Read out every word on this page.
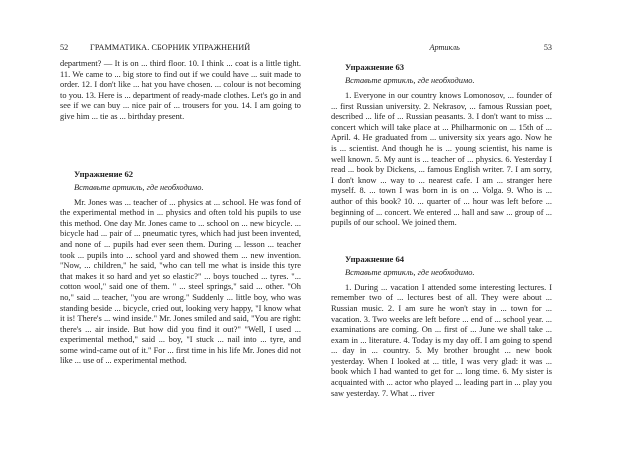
52	ГРАММАТИКА. СБОРНИК УПРАЖНЕНИЙ

department? — It is on ... third floor. 10. I think ... coat is a little tight. 11. We came to ... big store to find out if we could have ... suit made to order. 12. I don't like ... hat you have chosen. ... colour is not becoming to you. 13. Here is ... department of ready-made clothes. Let's go in and see if we can buy ... nice pair of ... trousers for you. 14. I am going to give him ... tie as ... birthday present.

Упражнение 62
Вставьте артикль, где необходимо.

Mr. Jones was ... teacher of ... physics at ... school. He was fond of the experimental method in ... physics and often told his pupils to use this method. One day Mr. Jones came to ... school on ... new bicycle. ... bicycle had ... pair of ... pneumatic tyres, which had just been invented, and none of ... pupils had ever seen them. During ... lesson ... teacher took ... pupils into ... school yard and showed them ... new invention. "Now, ... children," he said, "who can tell me what is inside this tyre that makes it so hard and yet so elastic?" ... boys touched ... tyres. "... cotton wool," said one of them. " ... steel springs," said ... other. "Oh no," said ... teacher, "you are wrong." Suddenly ... little boy, who was standing beside ... bicycle, cried out, looking very happy, "I know what it is! There's ... wind inside." Mr. Jones smiled and said, "You are right: there's ... air inside. But how did you find it out?" "Well, I used ... experimental method," said ... boy, "I stuck ... nail into ... tyre, and some wind-came out of it." For ... first time in his life Mr. Jones did not like ... use of ... experimental method.

Артикль	53
Упражнение 63
Вставьте артикль, где необходимо.

1. Everyone in our country knows Lomonosov, ... founder of ... first Russian university. 2. Nekrasov, ... famous Russian poet, described ... life of ... Russian peasants. 3. I don't want to miss ... concert which will take place at ... Philharmonic on ... 15th of ... April. 4. He graduated from ... university six years ago. Now he is ... scientist. And though he is ... young scientist, his name is well known. 5. My aunt is ... teacher of ... physics. 6. Yesterday I read ... book by Dickens, ... famous English writer. 7. I am sorry, I don't know ... way to ... nearest cafe. I am ... stranger here myself. 8. ... town I was born in is on ... Volga. 9. Who is ... author of this book? 10. ... quarter of ... hour was left before ... beginning of ... concert. We entered ... hall and saw ... group of ... pupils of our school. We joined them.

Упражнение 64
Вставьте артикль, где необходимо.

1. During ... vacation I attended some interesting lectures. I remember two of ... lectures best of all. They were about ... Russian music. 2. I am sure he won't stay in ... town for ... vacation. 3. Two weeks are left before ... end of ... school year. ... examinations are coming. On ... first of ... June we shall take ... exam in ... literature. 4. Today is my day off. I am going to spend ... day in ... country. 5. My brother brought ... new book yesterday. When I looked at ... title, I was very glad: it was ... book which I had wanted to get for ... long time. 6. My sister is acquainted with ... actor who played ... leading part in ... play you saw yesterday. 7. What ... river
